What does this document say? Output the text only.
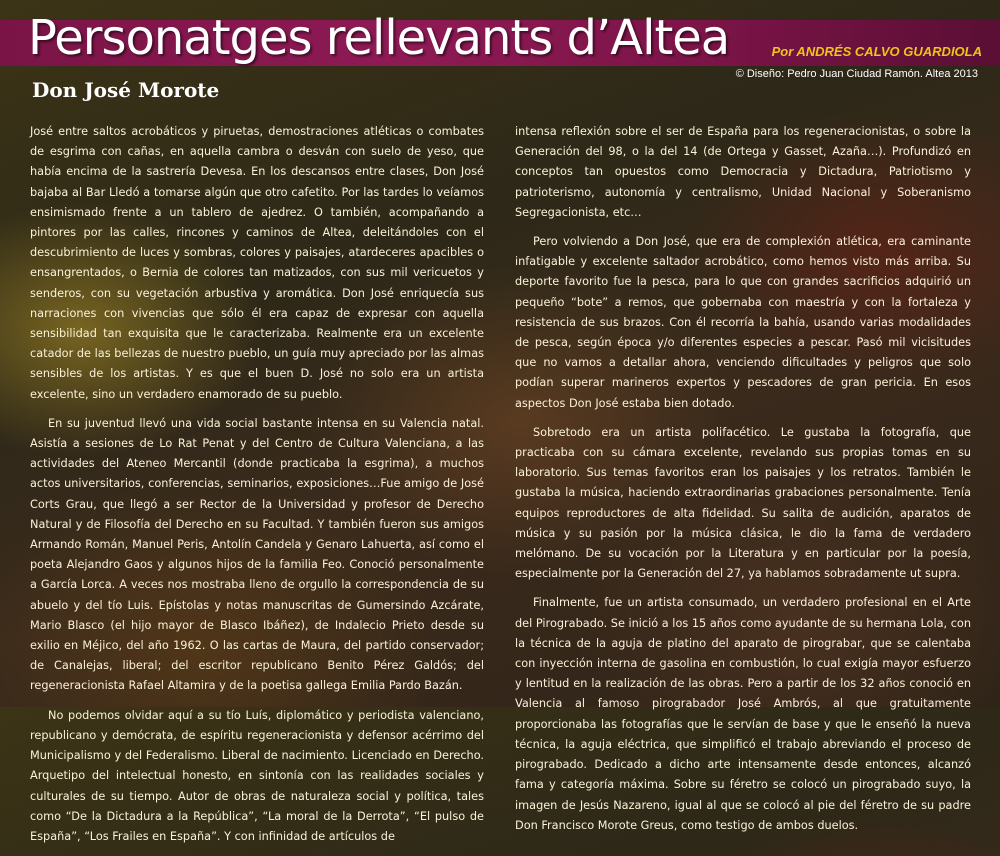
Personatges rellevants d’Altea	Por ANDRÉS CALVO GUARDIOLA
© Diseño: Pedro Juan Ciudad Ramón. Altea 2013
Don José Morote

José entre saltos acrobáticos y piruetas, demostraciones atléticas o combates de esgrima con cañas, en aquella cambra o desván con suelo de yeso, que había encima de la sastrería Devesa. En los descansos entre clases, Don José bajaba al Bar Lledó a tomarse algún que otro cafetito. Por las tardes lo veíamos ensimismado frente a un tablero de ajedrez. O también, acompañando a pintores por las calles, rincones y caminos de Altea, deleitándoles con el descubrimiento de luces y sombras, colores y paisajes, atardeceres apacibles o ensangrentados, o Bernia de colores tan matizados, con sus mil vericuetos y senderos, con su vegetación arbustiva y aromática. Don José enriquecía sus narraciones con vivencias que sólo él era capaz de expresar con aquella sensibilidad tan exquisita que le caracterizaba. Realmente era un excelente catador de las bellezas de nuestro pueblo, un guía muy apreciado por las almas sensibles de los artistas. Y es que el buen D. José no solo era un artista excelente, sino un verdadero enamorado de su pueblo.

En su juventud llevó una vida social bastante intensa en su Valencia natal. Asistía a sesiones de Lo Rat Penat y del Centro de Cultura Valenciana, a las actividades del Ateneo Mercantil (donde practicaba la esgrima), a muchos actos universitarios, conferencias, seminarios, exposiciones…Fue amigo de José Corts Grau, que llegó a ser Rector de la Universidad y profesor de Derecho Natural y de Filosofía del Derecho en su Facultad. Y también fueron sus amigos Armando Román, Manuel Peris, Antolín Candela y Genaro Lahuerta, así como el poeta Alejandro Gaos y algunos hijos de la familia Feo. Conoció personalmente a García Lorca. A veces nos mostraba lleno de orgullo la correspondencia de su abuelo y del tío Luis. Epístolas y notas manuscritas de Gumersindo Azcárate, Mario Blasco (el hijo mayor de Blasco Ibáñez), de Indalecio Prieto desde su exilio en Méjico, del año 1962. O las cartas de Maura, del partido conservador; de Canalejas, liberal; del escritor republicano Benito Pérez Galdós; del regeneracionista Rafael Altamira y de la poetisa gallega Emilia Pardo Bazán.

No podemos olvidar aquí a su tío Luís, diplomático y periodista valenciano, republicano y demócrata, de espíritu regeneracionista y defensor acérrimo del Municipalismo y del Federalismo. Liberal de nacimiento. Licenciado en Derecho. Arquetipo del intelectual honesto, en sintonía con las realidades sociales y culturales de su tiempo. Autor de obras de naturaleza social y política, tales como “De la Dictadura a la República”, “La moral de la Derrota”, “El pulso de España”, “Los Frailes en España”. Y con infinidad de artículos de

intensa reflexión sobre el ser de España para los regeneracionistas, o sobre la Generación del 98, o la del 14 (de Ortega y Gasset, Azaña…). Profundizó en conceptos tan opuestos como Democracia y Dictadura, Patriotismo y patrioterismo, autonomía y centralismo, Unidad Nacional y Soberanismo Segregacionista, etc…

Pero volviendo a Don José, que era de complexión atlética, era caminante infatigable y excelente saltador acrobático, como hemos visto más arriba. Su deporte favorito fue la pesca, para lo que con grandes sacrificios adquirió un pequeño “bote” a remos, que gobernaba con maestría y con la fortaleza y resistencia de sus brazos. Con él recorría la bahía, usando varias modalidades de pesca, según época y/o diferentes especies a pescar. Pasó mil vicisitudes que no vamos a detallar ahora, venciendo dificultades y peligros que solo podían superar marineros expertos y pescadores de gran pericia. En esos aspectos Don José estaba bien dotado.

Sobretodo era un artista polifacético. Le gustaba la fotografía, que practicaba con su cámara excelente, revelando sus propias tomas en su laboratorio. Sus temas favoritos eran los paisajes y los retratos. También le gustaba la música, haciendo extraordinarias grabaciones personalmente. Tenía equipos reproductores de alta fidelidad. Su salita de audición, aparatos de música y su pasión por la música clásica, le dio la fama de verdadero melómano. De su vocación por la Literatura y en particular por la poesía, especialmente por la Generación del 27, ya hablamos sobradamente ut supra.

Finalmente, fue un artista consumado, un verdadero profesional en el Arte del Pirograbado. Se inició a los 15 años como ayudante de su hermana Lola, con la técnica de la aguja de platino del aparato de pirograbar, que se calentaba con inyección interna de gasolina en combustión, lo cual exigía mayor esfuerzo y lentitud en la realización de las obras. Pero a partir de los 32 años conoció en Valencia al famoso pirograbador José Ambrós, al que gratuitamente proporcionaba las fotografías que le servían de base y que le enseñó la nueva técnica, la aguja eléctrica, que simplificó el trabajo abreviando el proceso de pirograbado. Dedicado a dicho arte intensamente desde entonces, alcanzó fama y categoría máxima. Sobre su féretro se colocó un pirograbado suyo, la imagen de Jesús Nazareno, igual al que se colocó al pie del féretro de su padre Don Francisco Morote Greus, como testigo de ambos duelos.
